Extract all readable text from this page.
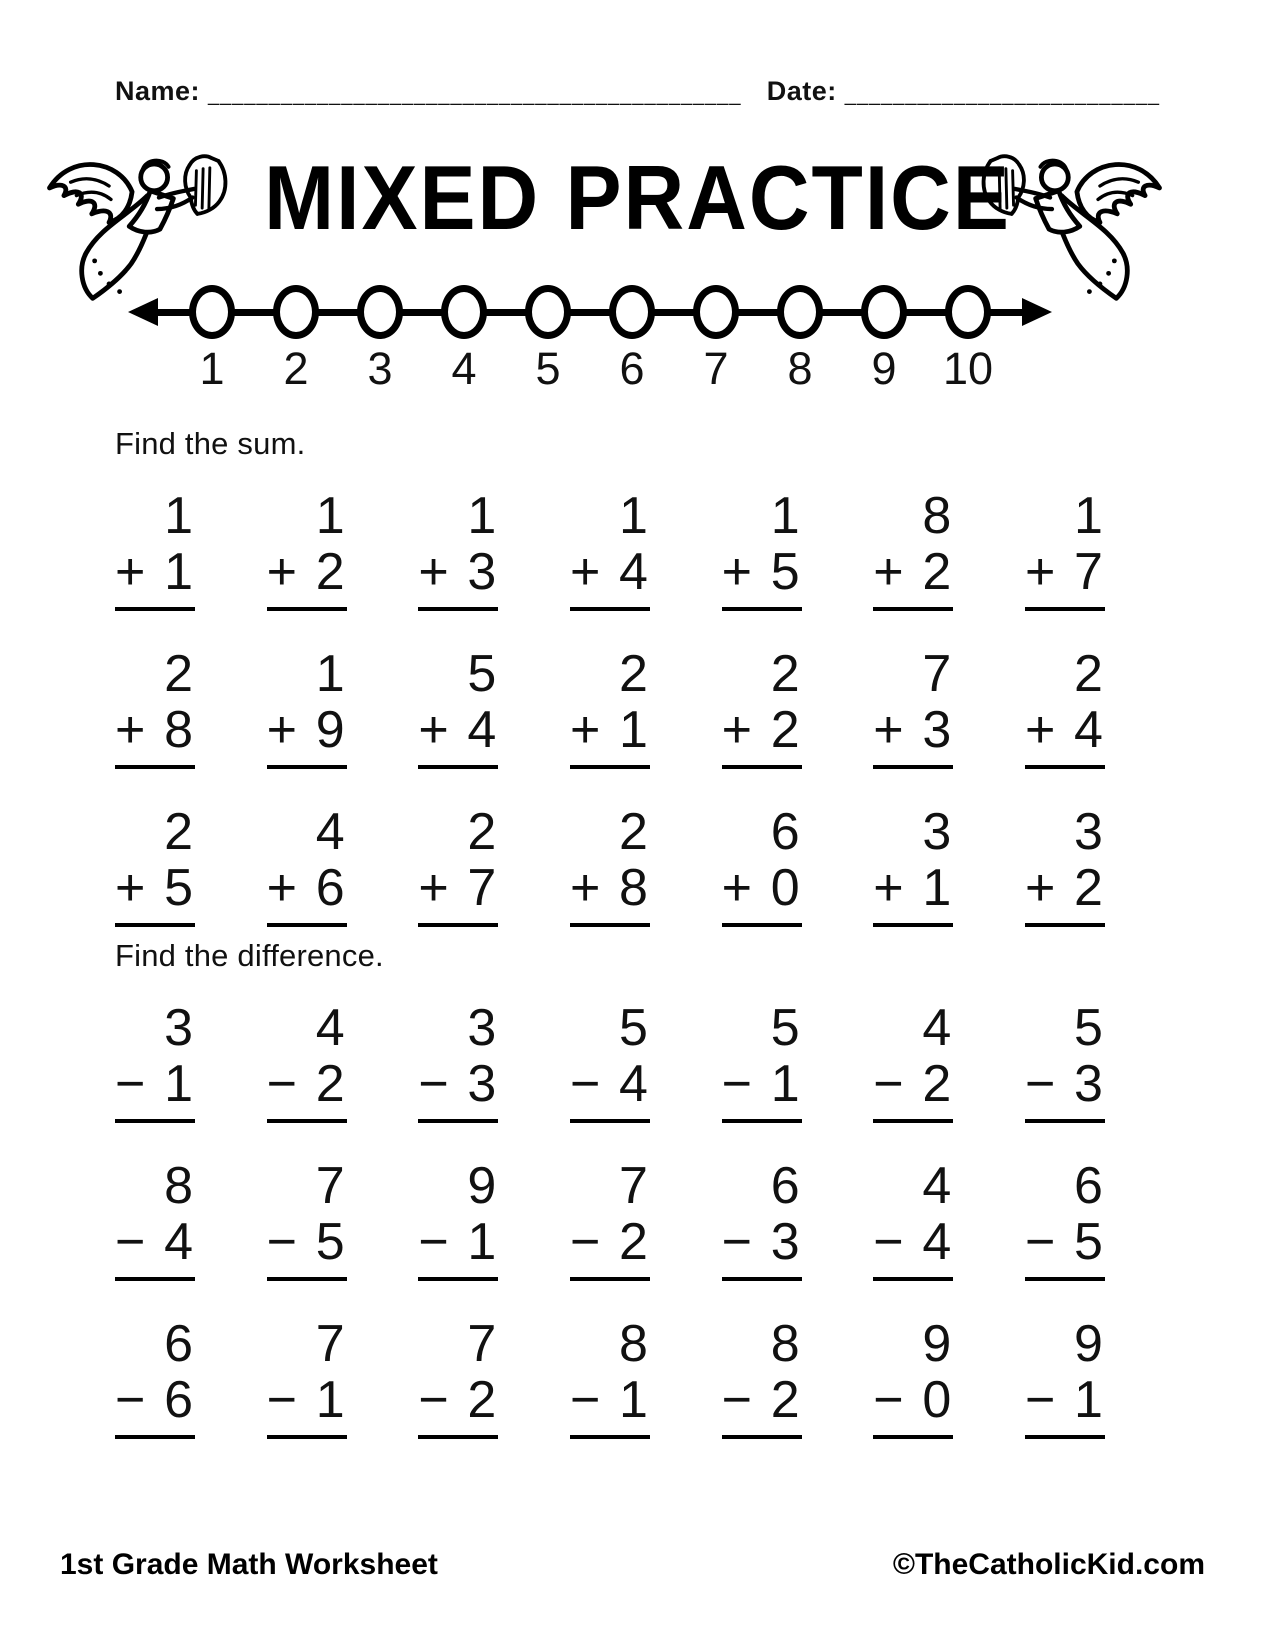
Name: ____________________________________________ Date: __________________________
MIXED PRACTICE
1 2 3 4 5 6 7 8 9 10

Find the sum.

1
+ 1
1
+ 2
1
+ 3
1
+ 4
1
+ 5
8
+ 2
1
+ 7
2
+ 8
1
+ 9
5
+ 4
2
+ 1
2
+ 2
7
+ 3
2
+ 4
2
+ 5
4
+ 6
2
+ 7
2
+ 8
6
+ 0
3
+ 1
3
+ 2

Find the difference.

3
− 1
4
− 2
3
− 3
5
− 4
5
− 1
4
− 2
5
− 3
8
− 4
7
− 5
9
− 1
7
− 2
6
− 3
4
− 4
6
− 5
6
− 6
7
− 1
7
− 2
8
− 1
8
− 2
9
− 0
9
− 1
1st Grade Math Worksheet	©TheCatholicKid.com
